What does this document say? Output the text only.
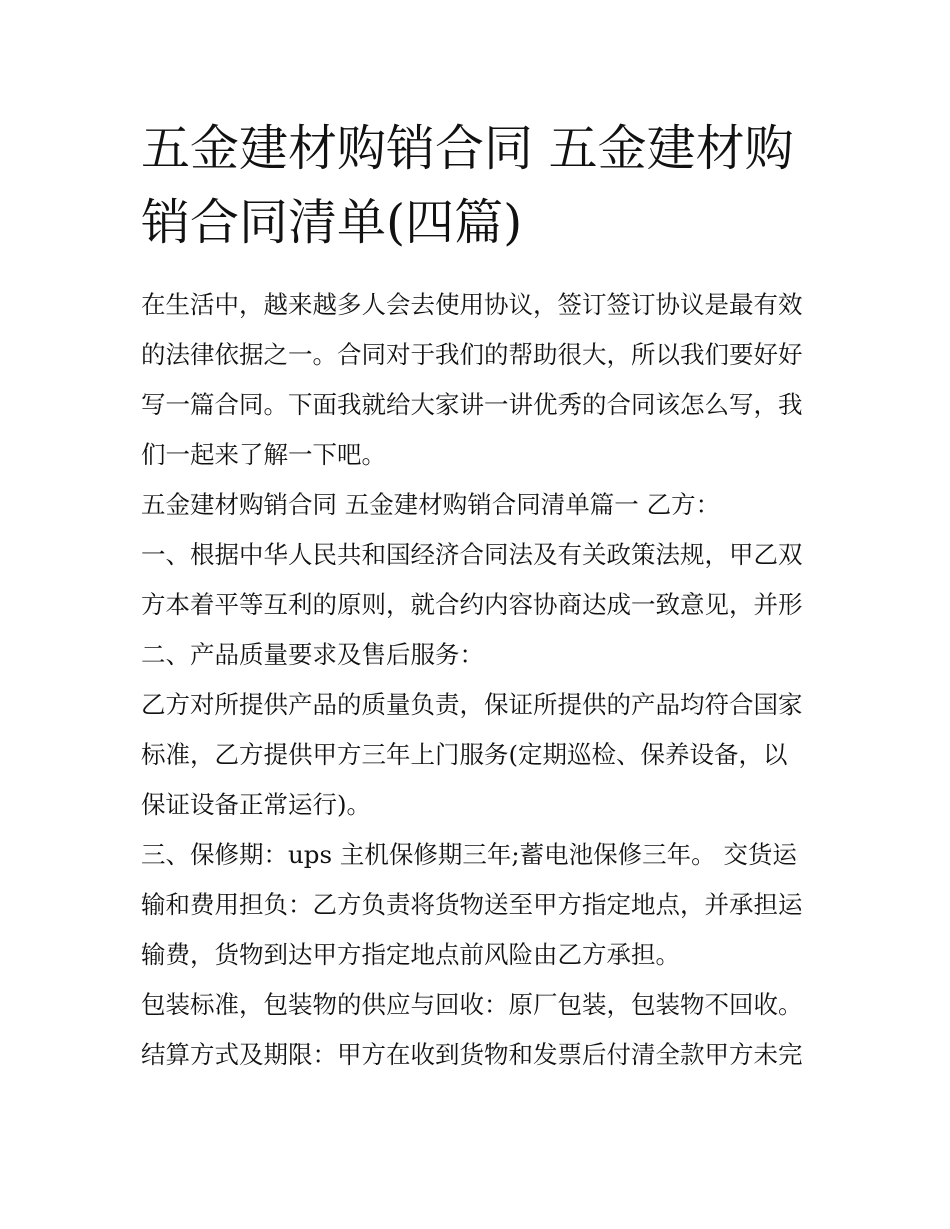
五金建材购销合同 五金建材购
销合同清单(四篇)

在生活中，越来越多人会去使用协议，签订签订协议是最有效

的法律依据之一。合同对于我们的帮助很大，所以我们要好好

写一篇合同。下面我就给大家讲一讲优秀的合同该怎么写，我

们一起来了解一下吧。

五金建材购销合同 五金建材购销合同清单篇一 乙方：

一、根据中华人民共和国经济合同法及有关政策法规，甲乙双

方本着平等互利的原则，就合约内容协商达成一致意见，并形

二、产品质量要求及售后服务：

乙方对所提供产品的质量负责，保证所提供的产品均符合国家

标准，乙方提供甲方三年上门服务(定期巡检、保养设备，以

保证设备正常运行)。

三、保修期：ups 主机保修期三年;蓄电池保修三年。 交货运

输和费用担负：乙方负责将货物送至甲方指定地点，并承担运

输费，货物到达甲方指定地点前风险由乙方承担。

包装标准，包装物的供应与回收：原厂包装，包装物不回收。

结算方式及期限：甲方在收到货物和发票后付清全款甲方未完
